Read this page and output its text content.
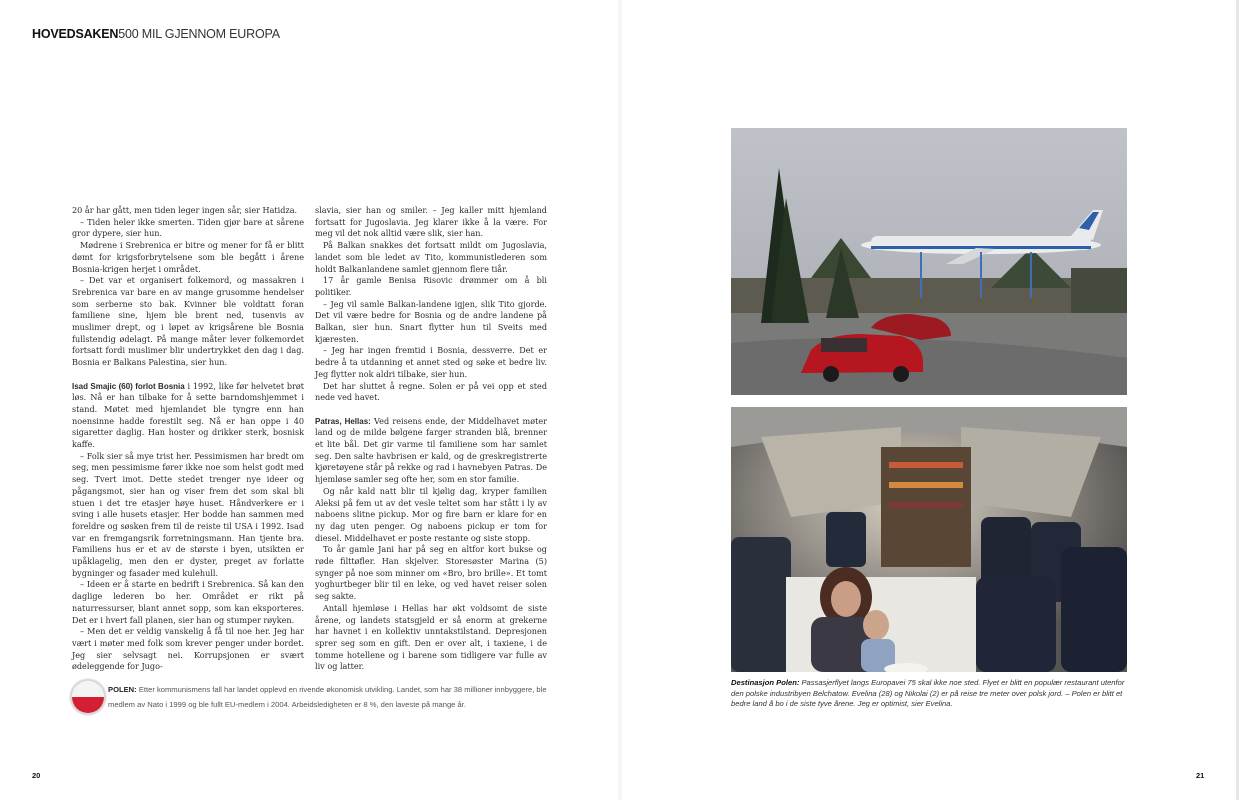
HOVEDSAKEN500 MIL GJENNOM EUROPA

20 år har gått, men tiden leger ingen sår, sier Hatidza.

– Tiden heler ikke smerten. Tiden gjør bare at sårene gror dypere, sier hun.

Mødrene i Srebrenica er bitre og mener for få er blitt dømt for krigsforbrytelsene som ble begått i årene Bosnia-krigen herjet i området.

– Det var et organisert folkemord, og massakren i Srebrenica var bare en av mange grusomme hendelser som serberne sto bak. Kvinner ble voldtatt foran familiene sine, hjem ble brent ned, tusenvis av muslimer drept, og i løpet av krigsårene ble Bosnia fullstendig ødelagt. På mange måter lever folkemordet fortsatt fordi muslimer blir undertrykket den dag i dag. Bosnia er Balkans Palestina, sier hun.

Isad Smajic (60) forlot Bosnia i 1992, like før helvetet brøt løs. Nå er han tilbake for å sette barndomshjemmet i stand. Møtet med hjemlandet ble tyngre enn han noensinne hadde forestilt seg. Nå er han oppe i 40 sigaretter daglig. Han hoster og drikker sterk, bosnisk kaffe.

– Folk sier så mye trist her. Pessimismen har bredt om seg, men pessimisme fører ikke noe som helst godt med seg. Tvert imot. Dette stedet trenger nye ideer og pågangsmot, sier han og viser frem det som skal bli stuen i det tre etasjer høye huset. Håndverkere er i sving i alle husets etasjer. Her bodde han sammen med foreldre og søsken frem til de reiste til USA i 1992. Isad var en fremgangsrik forretningsmann. Han tjente bra. Familiens hus er et av de største i byen, utsikten er upåklagelig, men den er dyster, preget av forlatte bygninger og fasader med kulehull.

– Ideen er å starte en bedrift i Srebrenica. Så kan den daglige lederen bo her. Området er rikt på naturressurser, blant annet sopp, som kan eksporteres. Det er i hvert fall planen, sier han og stumper røyken.

– Men det er veldig vanskelig å få til noe her. Jeg har vært i møter med folk som krever penger under bordet. Jeg sier selvsagt nei. Korrupsjonen er svært ødeleggende for Jugo-

slavia, sier han og smiler. – Jeg kaller mitt hjemland fortsatt for Jugoslavia. Jeg klarer ikke å la være. For meg vil det nok alltid være slik, sier han.

På Balkan snakkes det fortsatt mildt om Jugoslavia, landet som ble ledet av Tito, kommunistlederen som holdt Balkanlandene samlet gjennom flere tiår.

17 år gamle Benisa Risovic drømmer om å bli politiker.

– Jeg vil samle Balkan-landene igjen, slik Tito gjorde. Det vil være bedre for Bosnia og de andre landene på Balkan, sier hun. Snart flytter hun til Sveits med kjæresten.

– Jeg har ingen fremtid i Bosnia, dessverre. Det er bedre å ta utdanning et annet sted og søke et bedre liv. Jeg flytter nok aldri tilbake, sier hun.

Det har sluttet å regne. Solen er på vei opp et sted nede ved havet.

Patras, Hellas: Ved reisens ende, der Middelhavet møter land og de milde bølgene farger stranden blå, brenner et lite bål. Det gir varme til familiene som har samlet seg. Den salte havbrisen er kald, og de greskregistrerte kjøretøyene står på rekke og rad i havnebyen Patras. De hjemløse samler seg ofte her, som en stor familie.

Og når kald natt blir til kjølig dag, kryper familien Aleksi på fem ut av det vesle teltet som har stått i ly av naboens slitne pickup. Mor og fire barn er klare for en ny dag uten penger. Og naboens pickup er tom for diesel. Middelhavet er poste restante og siste stopp.

To år gamle Jani har på seg en altfor kort bukse og røde filttøfler. Han skjelver. Storesøster Marina (5) synger på noe som minner om «Bro, bro brille». Et tomt yoghurtbeger blir til en leke, og ved havet reiser solen seg sakte.

Antall hjemløse i Hellas har økt voldsomt de siste årene, og landets statsgjeld er så enorm at grekerne har havnet i en kollektiv unntakstilstand. Depresjonen sprer seg som en gift. Den er over alt, i taxiene, i de tomme hotellene og i barene som tidligere var fulle av liv og latter.

POLEN: Etter kommunismens fall har landet opplevd en rivende økonomisk utvikling. Landet, som har 38 millioner innbyggere, ble medlem av Nato i 1999 og ble fullt EU-medlem i 2004. Arbeidsledigheten er 8 %, den laveste på mange år.
Destinasjon Polen: Passasjerflyet langs Europavei 75 skal ikke noe sted. Flyet er blitt en populær restaurant utenfor den polske industribyen Belchatow. Evelina (28) og Nikolai (2) er på reise tre meter over polsk jord. – Polen er blitt et bedre land å bo i de siste tyve årene. Jeg er optimist, sier Evelina.
20	21
